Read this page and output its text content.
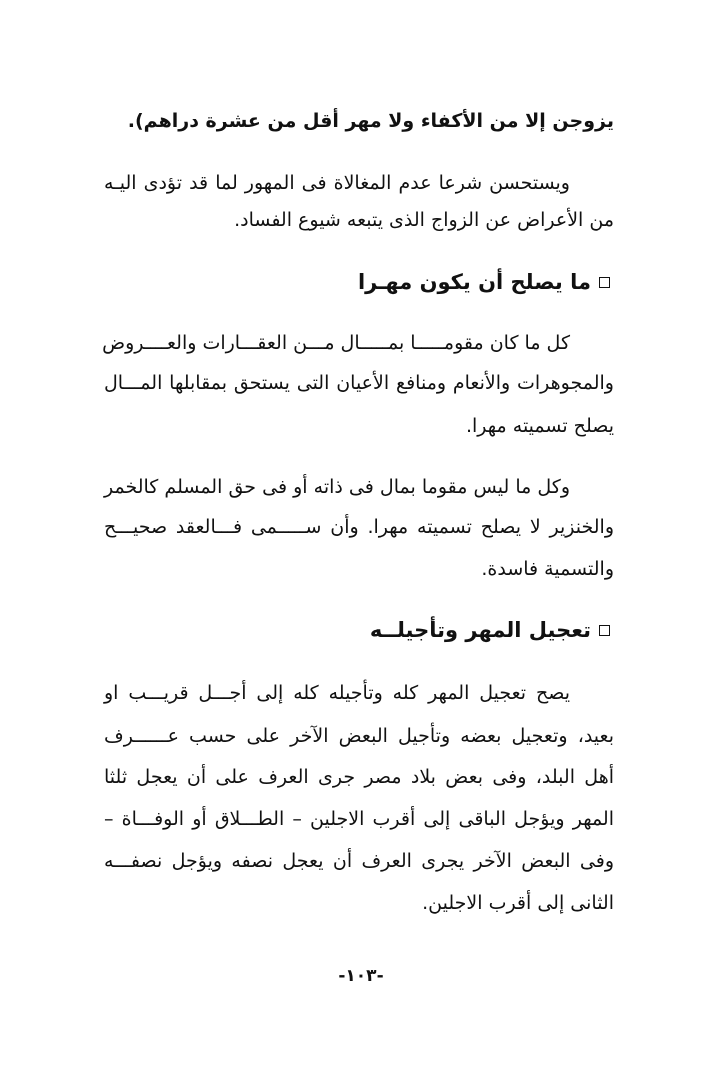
يزوجن إلا من الأكفاء ولا مهر أقل من عشرة دراهم).
ويستحسن شرعا عدم المغالاة فى المهور لما قد تؤدى اليـه
من الأعراض عن الزواج الذى يتبعه شيوع الفساد.
ما يصلح أن يكون مهـرا
كل ما كان مقومـــــا بمـــــال مـــن العقـــارات والعــــروض
والمجوهرات والأنعام ومنافع الأعيان التى يستحق بمقابلها المـــال
يصلح تسميته مهرا.
وكل ما ليس مقوما بمال فى ذاته أو فى حق المسلم كالخمر
والخنزير لا يصلح تسميته مهرا. وأن ســـــمى فـــالعقد صحيـــح
والتسمية فاسدة.
تعجيل المهر وتأجيلــه
يصح تعجيل المهر كله وتأجيله كله إلى أجـــل قريـــب او
بعيد، وتعجيل بعضه وتأجيل البعض الآخر على حسب عــــــرف
أهل البلد، وفى بعض بلاد مصر جرى العرف على أن يعجل ثلثا
المهر ويؤجل الباقى إلى أقرب الاجلين – الطـــلاق أو الوفـــاة –
وفى البعض الآخر يجرى العرف أن يعجل نصفه ويؤجل نصفـــه
الثانى إلى أقرب الاجلين.
-١٠٣-
